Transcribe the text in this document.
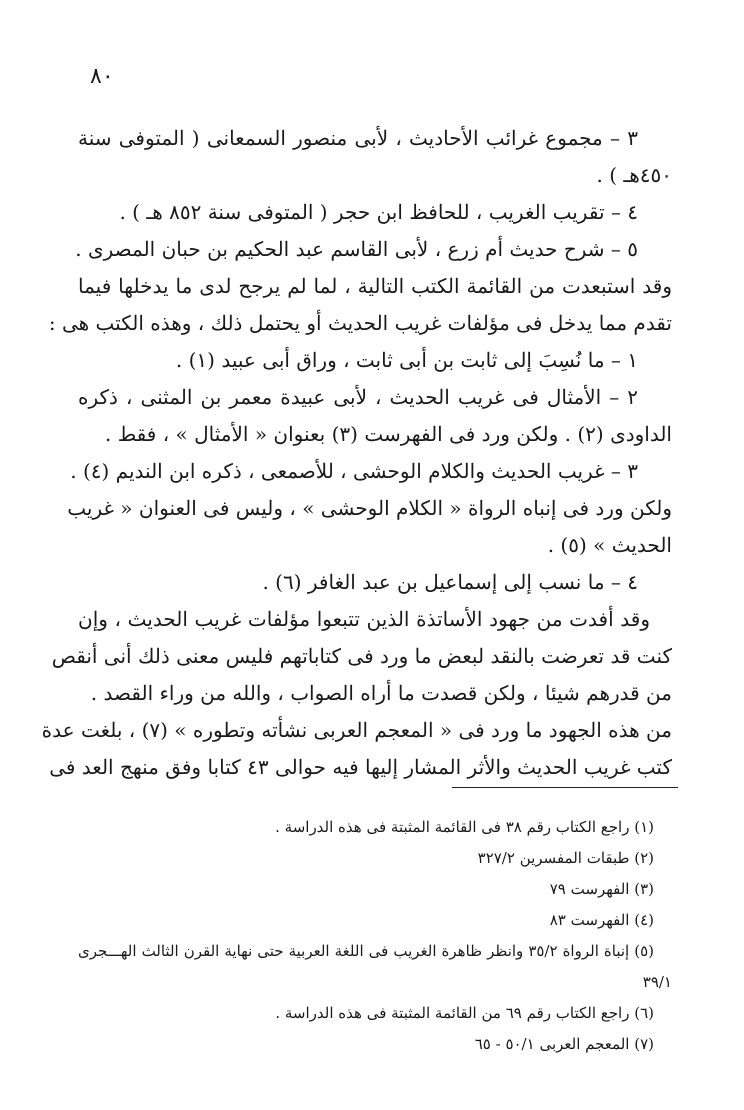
٨٠
٣ – مجموع غرائب الأحاديث ، لأبى منصور السمعانى ( المتوفى سنة
٤٥٠هـ ) .
٤ – تقريب الغريب ، للحافظ ابن حجر ( المتوفى سنة ٨٥٢ هـ ) .
٥ – شرح حديث أم زرع ، لأبى القاسم عبد الحكيم بن حبان المصرى .
وقد استبعدت من القائمة الكتب التالية ، لما لم يرجح لدى ما يدخلها فيما
تقدم مما يدخل فى مؤلفات غريب الحديث أو يحتمل ذلك ، وهذه الكتب هى :
١ – ما نُسِبَ إلى ثابت بن أبى ثابت ، وراق أبى عبيد (١) .
٢ – الأمثال فى غريب الحديث ، لأبى عبيدة معمر بن المثنى ، ذكره
الداودى (٢) . ولكن ورد فى الفهرست (٣) بعنوان « الأمثال » ، فقط .
٣ – غريب الحديث والكلام الوحشى ، للأصمعى ، ذكره ابن النديم (٤) .
ولكن ورد فى إنباه الرواة « الكلام الوحشى » ، وليس فى العنوان « غريب
الحديث » (٥) .
٤ – ما نسب إلى إسماعيل بن عبد الغافر (٦) .
وقد أفدت من جهود الأساتذة الذين تتبعوا مؤلفات غريب الحديث ، وإن
كنت قد تعرضت بالنقد لبعض ما ورد فى كتاباتهم فليس معنى ذلك أنى أنقص
من قدرهم شيئا ، ولكن قصدت ما أراه الصواب ، والله من وراء القصد .
من هذه الجهود ما ورد فى « المعجم العربى نشأته وتطوره » (٧) ، بلغت عدة
كتب غريب الحديث والأثر المشار إليها فيه حوالى ٤٣ كتابا وفق منهج العد فى
(١) راجع الكتاب رقم ٣٨ فى القائمة المثبتة فى هذه الدراسة .
(٢) طبقات المفسرين ٣٢٧/٢
(٣) الفهرست ٧٩
(٤) الفهرست ٨٣
(٥) إنباة الرواة ٣٥/٢ وانظر ظاهرة الغريب فى اللغة العربية حتى نهاية القرن الثالث الهـــجرى
٣٩/١
(٦) راجع الكتاب رقم ٦٩ من القائمة المثبتة فى هذه الدراسة .
(٧) المعجم العربى ٥٠/١ - ٦٥
